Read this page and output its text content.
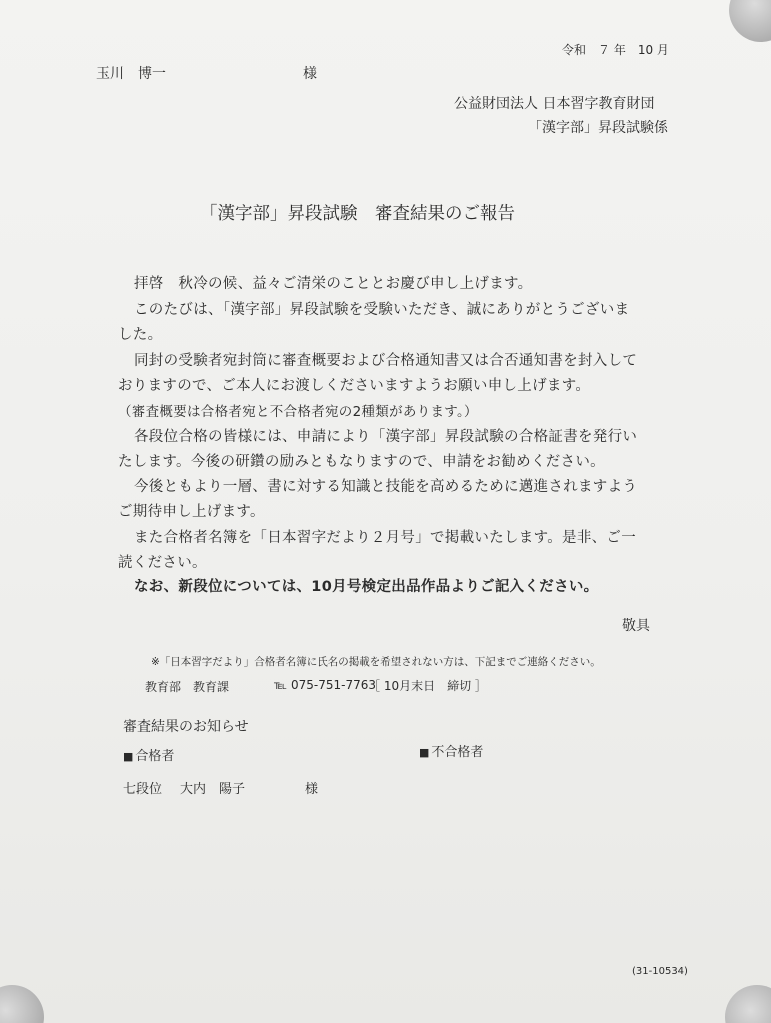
令和　７ 年　10 月
玉川　博一	様
公益財団法人 日本習字教育財団
「漢字部」昇段試験係
「漢字部」昇段試験　審査結果のご報告
拝啓　秋冷の候、益々ご清栄のこととお慶び申し上げます。
このたびは、「漢字部」昇段試験を受験いただき、誠にありがとうございま
した。
同封の受験者宛封筒に審査概要および合格通知書又は合否通知書を封入して
おりますので、ご本人にお渡しくださいますようお願い申し上げます。
（審査概要は合格者宛と不合格者宛の2種類があります。）
各段位合格の皆様には、申請により「漢字部」昇段試験の合格証書を発行い
たします。今後の研鑽の励みともなりますので、申請をお勧めください。
今後ともより一層、書に対する知識と技能を高めるために邁進されますよう
ご期待申し上げます。
また合格者名簿を「日本習字だより２月号」で掲載いたします。是非、ご一
読ください。
なお、新段位については、10月号検定出品作品よりご記入ください。
敬具
※「日本習字だより」合格者名簿に氏名の掲載を希望されない方は、下記までご連絡ください。
教育部　教育課	℡ 075-751-7763
［ 10月末日　締切 ］
審査結果のお知らせ
■ 合格者	■ 不合格者
七段位 大内　陽子	様
(31-10534)
